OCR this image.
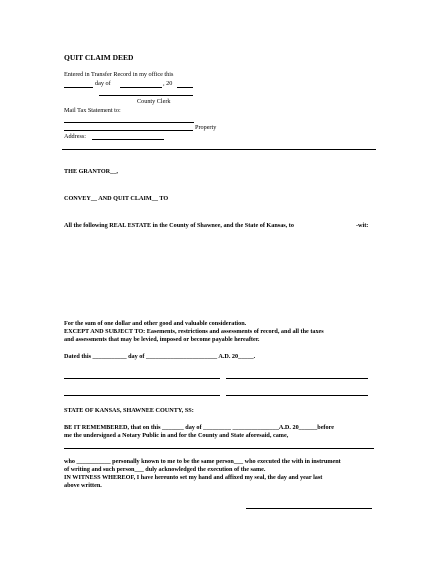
QUIT CLAIM DEED
Entered in Transfer Record in my office this
day of	, 20
County Clerk
Mail Tax Statement to:
Property
Address:
THE GRANTOR__,
CONVEY__ AND QUIT CLAIM__ TO
All the following REAL ESTATE in the County of Shawnee, and the State of Kansas, to	-wit:
For the sum of one dollar and other good and valuable consideration.
EXCEPT AND SUBJECT TO: Easements, restrictions and assessments of record, and all the taxes
and assessments that may be levied, imposed or become payable hereafter.
Dated this ___________ day of _______________________ A.D. 20_____.
STATE OF KANSAS, SHAWNEE COUNTY, SS:
BE IT REMEMBERED, that on this _______ day of _________ _______________A.D. 20______before
me the undersigned a Notary Public in and for the County and State aforesaid, came,
who ___________ personally known to me to be the same person___ who executed the with in instrument
of writing and such person___ duly acknowledged the execution of the same.
IN WITNESS WHEREOF, I have hereunto set my hand and affixed my seal, the day and year last
above written.
